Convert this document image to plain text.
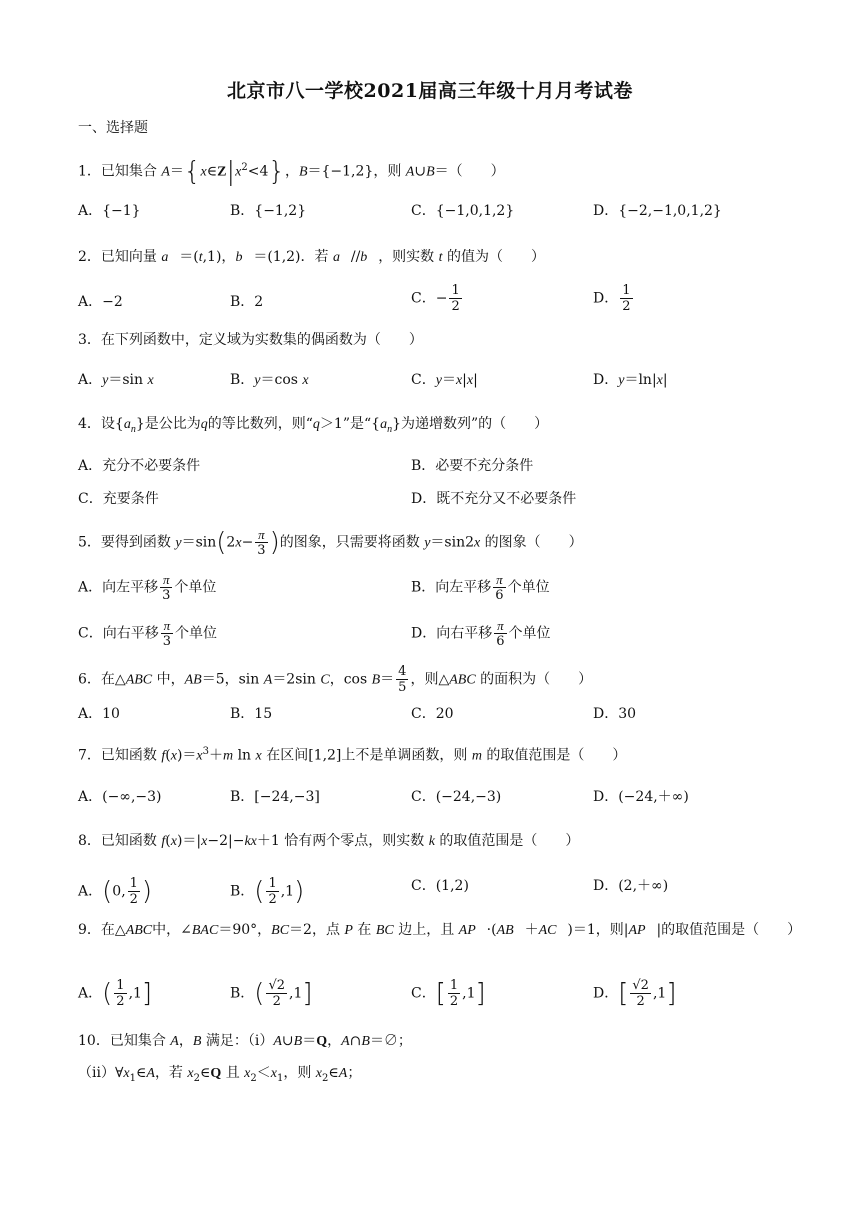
北京市八一学校2021届高三年级十月月考试卷
一、选择题
1．已知集合 $A=\{x\in Z|x^2<4\}$，B＝{−1,2}，则 A∪B＝（　　）
A．{−1}	B．{−1,2}	C．{−1,0,1,2}	D．{−2,−1,0,1,2}
2．已知向量 a⃗＝(t,1)，b⃗＝(1,2)．若 a⃗//b⃗，则实数 t 的值为（　　）
A．−2	B．2	C．− $\frac{1}{2}$	D． $\frac{1}{2}$
3．在下列函数中，定义域为实数集的偶函数为（　　）
A．y＝sin x	B．y＝cos x	C．y＝x|x|	D．y＝ln|x|
4．设$\{a_n\}$是公比为q的等比数列，则“q＞1”是“$\{a_n\}$为递增数列”的（　　）
A．充分不必要条件	B．必要不充分条件
C．充要条件	D．既不充分又不必要条件
5．要得到函数 $y=\sin(2x- \frac{\pi}{3}$ )的图象，只需要将函数 y＝sin2x 的图象（　　）
A．向左平移 $\frac{\pi}{3}$ 个单位	B．向左平移 $\frac{\pi}{6}$ 个单位
C．向右平移 $\frac{\pi}{3}$ 个单位	D．向右平移 $\frac{\pi}{6}$ 个单位
6．在△ABC 中，AB＝5，sin A＝2sin C，$\cos B= \frac{4}{5}$ ，则△ABC 的面积为（　　）
A．10	B．15	C．20	D．30
7．已知函数 $f(x)=x^3+m$ ln x 在区间[1,2]上不是单调函数，则 m 的取值范围是（　　）
A．(−∞,−3)	B．[−24,−3]	C．(−24,−3)	D．(−24,＋∞)
8．已知函数 f(x)＝|x−2|−kx＋1 恰有两个零点，则实数 k 的取值范围是（　　）
A．(0, $\frac{1}{2}$ )	B．( $\frac{1}{2} ,1$)	C．(1,2)	D．(2,＋∞)
9．在△ABC中，∠BAC＝90°，BC＝2，点 P 在 BC 边上，且 AP⃗·(AB⃗＋AC⃗)＝1，则|AP⃗|的取值范围是（　　）
A．( $\frac{1}{2} ,1$]	B．( $\frac{√2}{2} ,1$]	C．[ $\frac{1}{2} ,1$]	D．[ $\frac{√2}{2} ,1$]
10．已知集合 A，B 满足：（i）A∪B＝Q，A∩B＝∅；
$(ii)\forall x_1\in A$，若 $x_2\in Q$ 且 $x_2<x_1$，则 $x_2\in A$；
